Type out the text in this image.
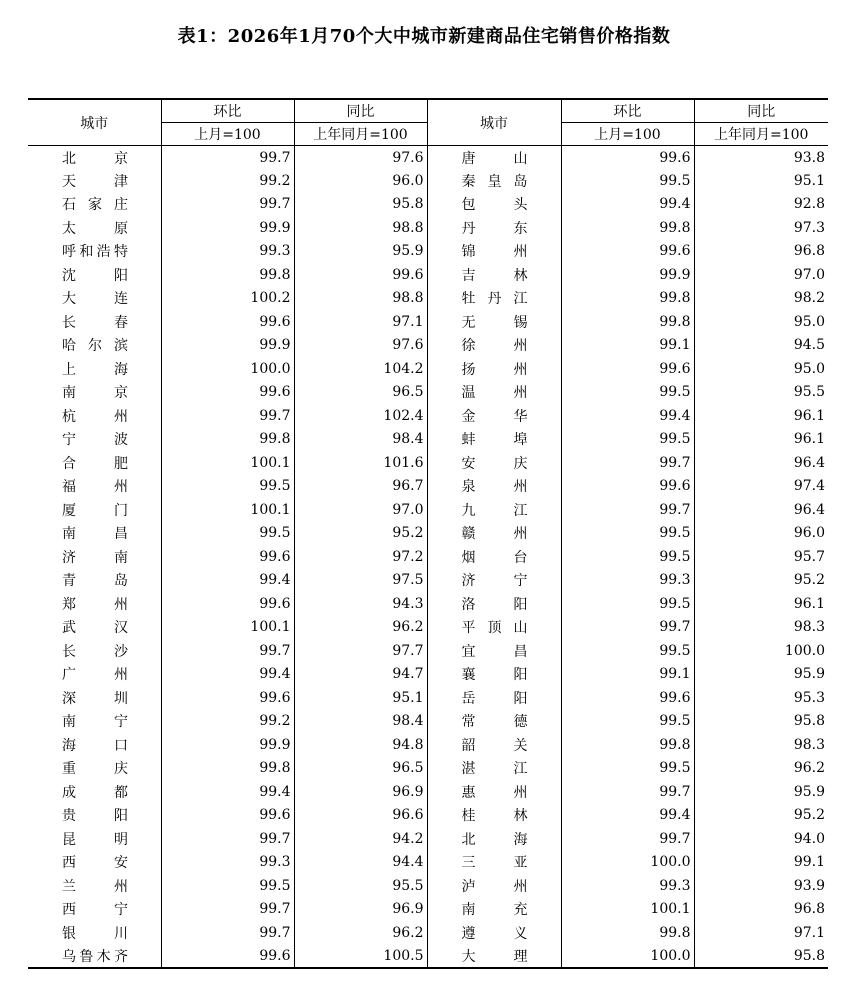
表1：2026年1月70个大中城市新建商品住宅销售价格指数
城市	环比	同比	城市	环比	同比
	上月=100	上年同月=100		上月=100	上年同月=100
北京	99.7	97.6	唐山	99.6	93.8
天津	99.2	96.0	秦皇岛	99.5	95.1
石家庄	99.7	95.8	包头	99.4	92.8
太原	99.9	98.8	丹东	99.8	97.3
呼和浩特	99.3	95.9	锦州	99.6	96.8
沈阳	99.8	99.6	吉林	99.9	97.0
大连	100.2	98.8	牡丹江	99.8	98.2
长春	99.6	97.1	无锡	99.8	95.0
哈尔滨	99.9	97.6	徐州	99.1	94.5
上海	100.0	104.2	扬州	99.6	95.0
南京	99.6	96.5	温州	99.5	95.5
杭州	99.7	102.4	金华	99.4	96.1
宁波	99.8	98.4	蚌埠	99.5	96.1
合肥	100.1	101.6	安庆	99.7	96.4
福州	99.5	96.7	泉州	99.6	97.4
厦门	100.1	97.0	九江	99.7	96.4
南昌	99.5	95.2	赣州	99.5	96.0
济南	99.6	97.2	烟台	99.5	95.7
青岛	99.4	97.5	济宁	99.3	95.2
郑州	99.6	94.3	洛阳	99.5	96.1
武汉	100.1	96.2	平顶山	99.7	98.3
长沙	99.7	97.7	宜昌	99.5	100.0
广州	99.4	94.7	襄阳	99.1	95.9
深圳	99.6	95.1	岳阳	99.6	95.3
南宁	99.2	98.4	常德	99.5	95.8
海口	99.9	94.8	韶关	99.8	98.3
重庆	99.8	96.5	湛江	99.5	96.2
成都	99.4	96.9	惠州	99.7	95.9
贵阳	99.6	96.6	桂林	99.4	95.2
昆明	99.7	94.2	北海	99.7	94.0
西安	99.3	94.4	三亚	100.0	99.1
兰州	99.5	95.5	泸州	99.3	93.9
西宁	99.7	96.9	南充	100.1	96.8
银川	99.7	96.2	遵义	99.8	97.1
乌鲁木齐	99.6	100.5	大理	100.0	95.8
